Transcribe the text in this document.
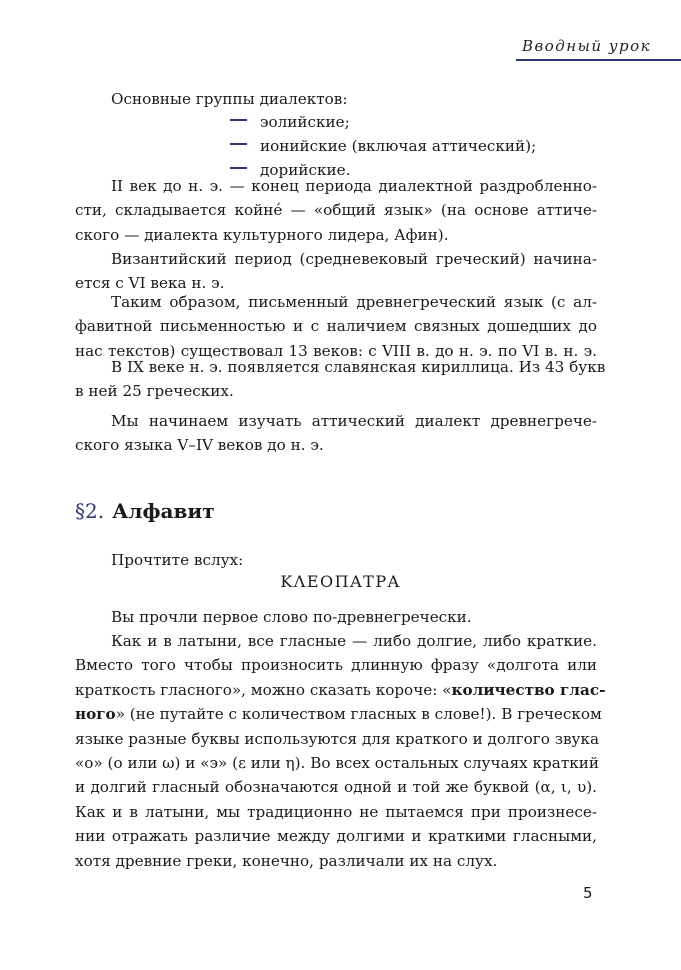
Вводный урок
Основные группы диалектов:
эолийские;
ионийские (включая аттический);
дорийские.
II век до н. э. — конец периода диалектной раздробленно-
сти, складывается койне́ — «общий язык» (на основе аттиче-
ского — диалекта культурного лидера, Афин).
Византийский период (средневековый греческий) начина-
ется с VI века н. э.
Таким образом, письменный древнегреческий язык (с ал-
фавитной письменностью и с наличием связных дошедших до
нас текстов) существовал 13 веков: с VIII в. до н. э. по VI в. н. э.
В IX веке н. э. появляется славянская кириллица. Из 43 букв
в ней 25 греческих.
Мы начинаем изучать аттический диалект древнегрече-
ского языка V–IV веков до н. э.
§2. Алфавит
Прочтите вслух:
ΚΛΕΟΠΑΤΡΑ
Вы прочли первое слово по-древнегречески.
Как и в латыни, все гласные — либо долгие, либо краткие.
Вместо того чтобы произносить длинную фразу «долгота или
краткость гласного», можно сказать короче: «количество глас-
ного» (не путайте с количеством гласных в слове!). В греческом
языке разные буквы используются для краткого и долгого звука
«о» (ο или ω) и «э» (ε или η). Во всех остальных случаях краткий
и долгий гласный обозначаются одной и той же буквой (α, ι, υ).
Как и в латыни, мы традиционно не пытаемся при произнесе-
нии отражать различие между долгими и краткими гласными,
хотя древние греки, конечно, различали их на слух.
5
